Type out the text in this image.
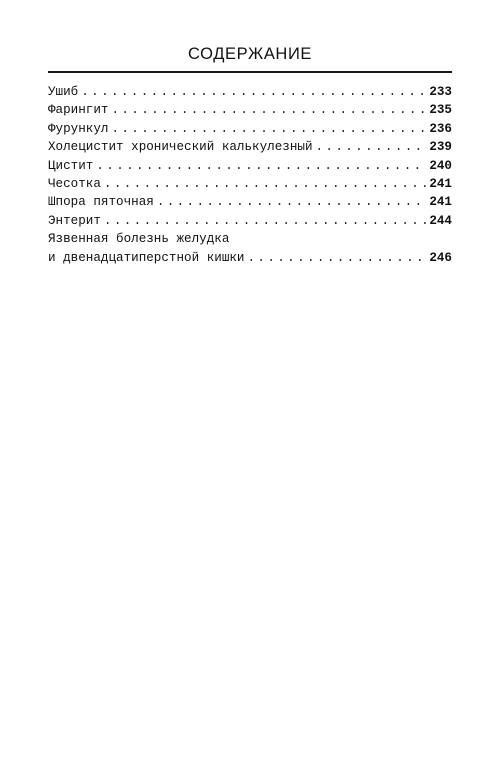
СОДЕРЖАНИЕ
Ушиб . . .	233
Фарингит . . .	235
Фурункул . . .	236
Холецистит хронический калькулезный . . .	239
Цистит . . .	240
Чесотка . . .	241
Шпора пяточная . . .	241
Энтерит . . .	244
Язвенная болезнь желудка
и двенадцатиперстной кишки . . .	246
